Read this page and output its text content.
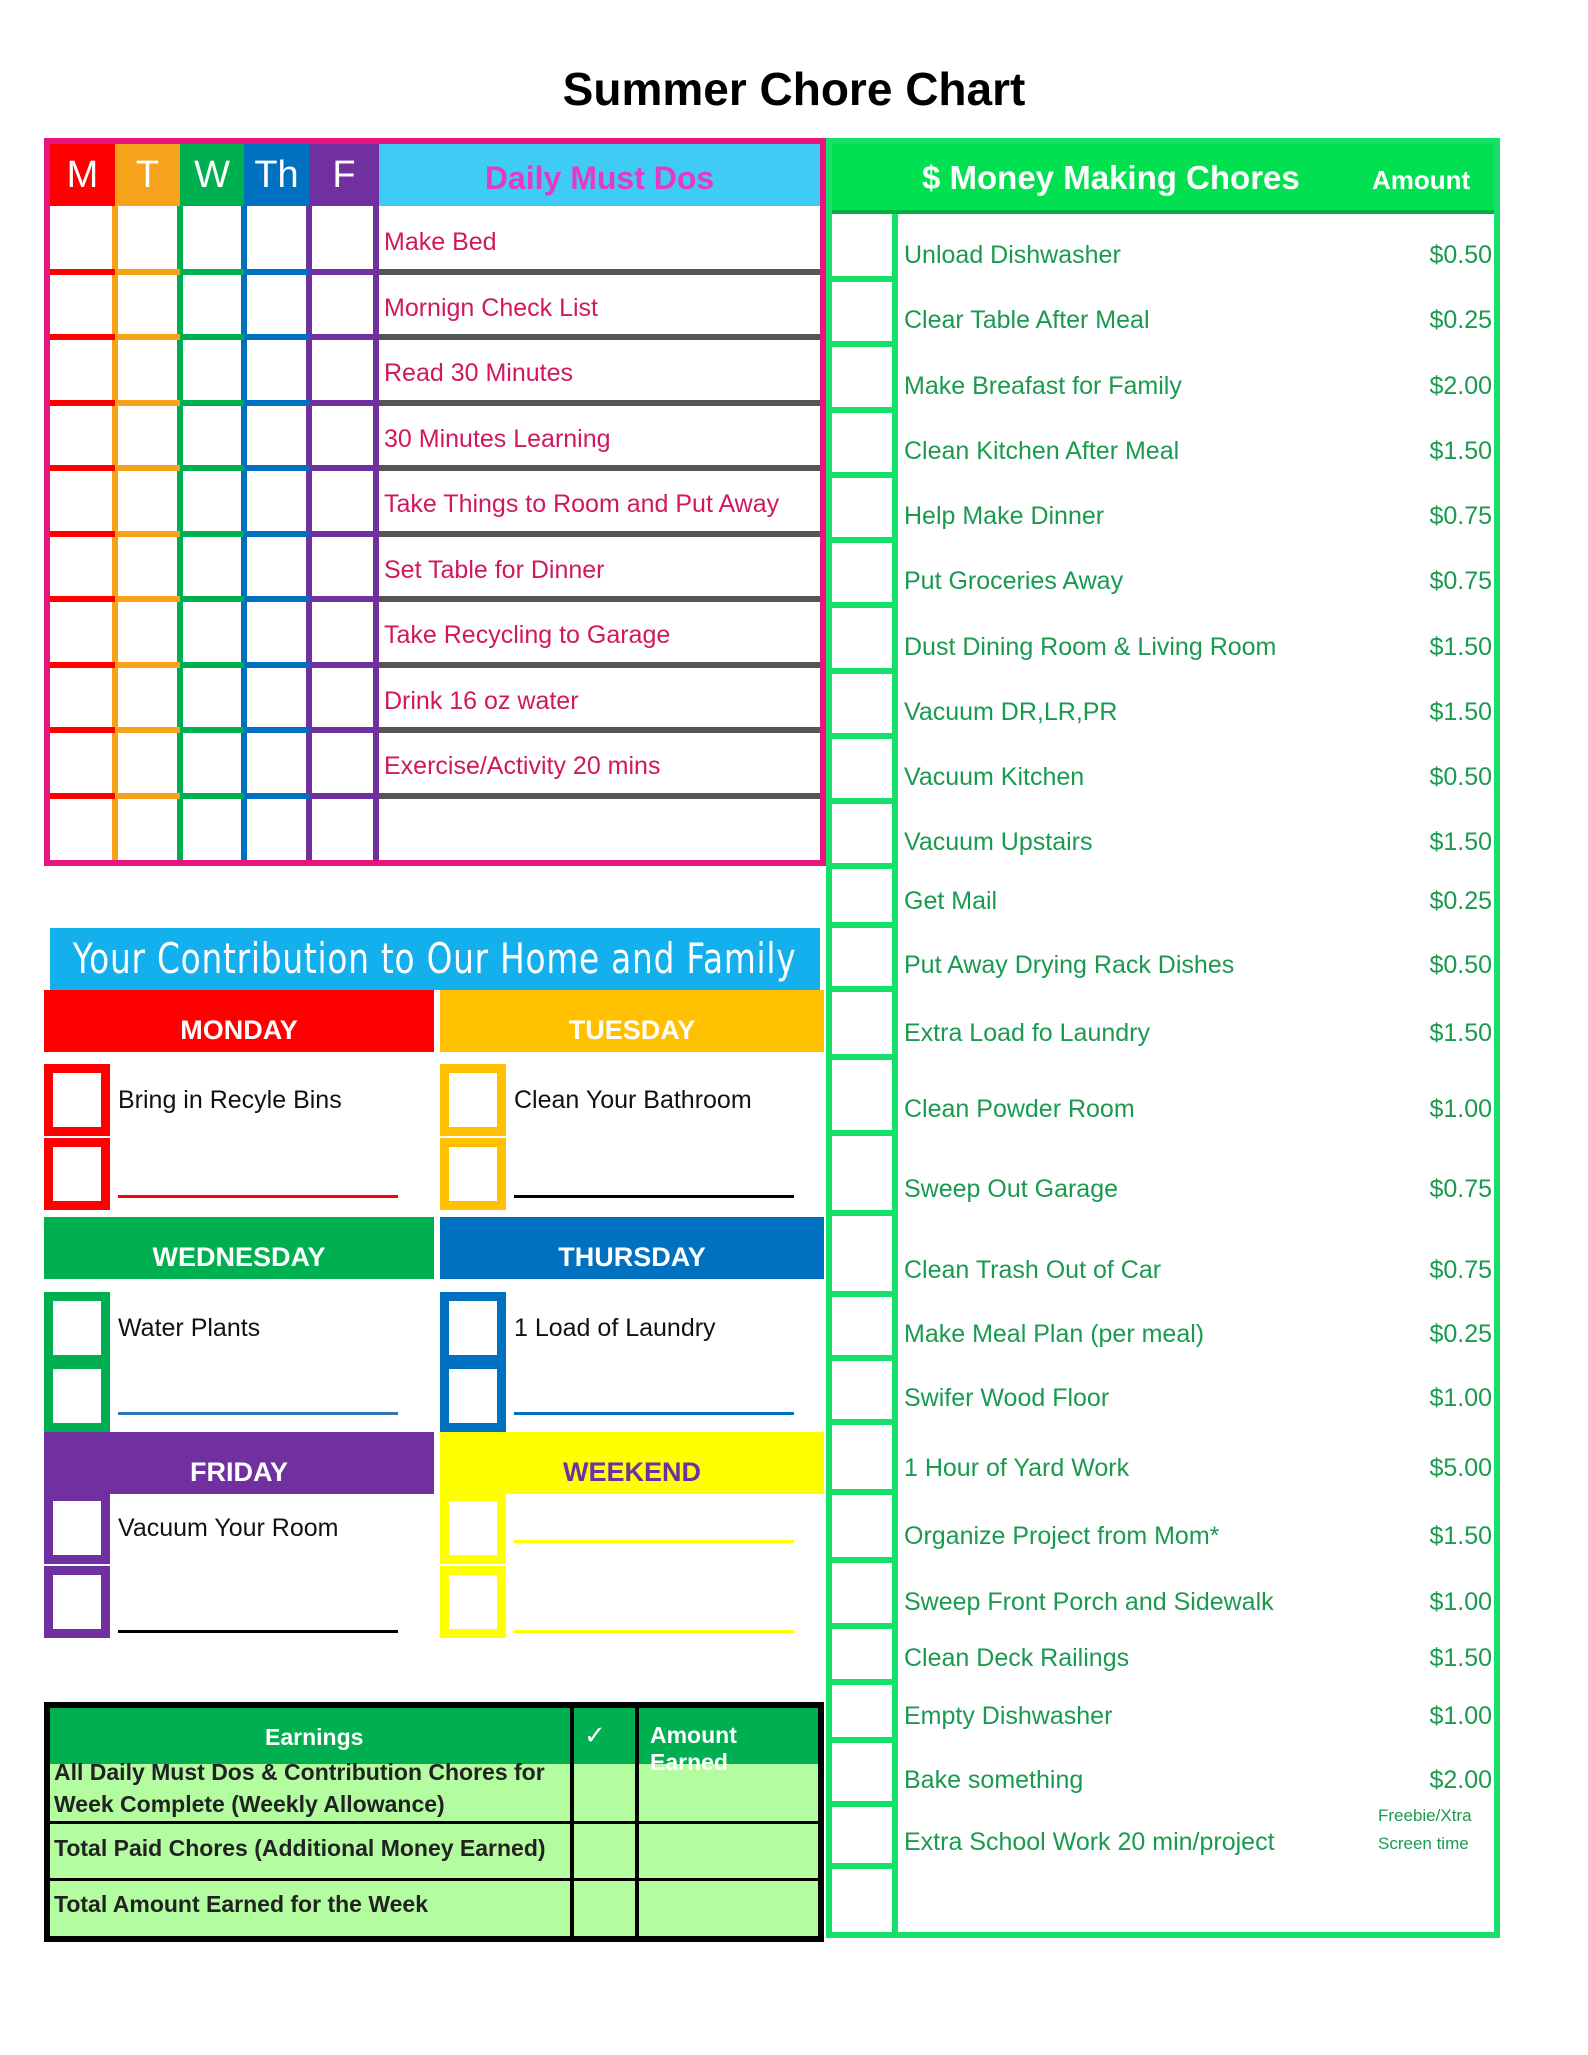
Summer Chore Chart
M T W Th F	Daily Must Dos
Make Bed
Mornign Check List
Read 30 Minutes
30 Minutes Learning
Take Things to Room and Put Away
Set Table for Dinner
Take Recycling to Garage
Drink 16 oz water
Exercise/Activity 20 mins
$ Money Making Chores	Amount
Unload Dishwasher	$0.50
Clear Table After Meal	$0.25
Make Breafast for Family	$2.00
Clean Kitchen After Meal	$1.50
Help Make Dinner	$0.75
Put Groceries Away	$0.75
Dust Dining Room & Living Room	$1.50
Vacuum DR,LR,PR	$1.50
Vacuum Kitchen	$0.50
Vacuum Upstairs	$1.50
Get Mail	$0.25
Put Away Drying Rack Dishes	$0.50
Extra Load fo Laundry	$1.50
Clean Powder Room	$1.00
Sweep Out Garage	$0.75
Clean Trash Out of Car	$0.75
Make Meal Plan (per meal)	$0.25
Swifer Wood Floor	$1.00
1 Hour of Yard Work	$5.00
Organize Project from Mom*	$1.50
Sweep Front Porch and Sidewalk	$1.00
Clean Deck Railings	$1.50
Empty Dishwasher	$1.00
Bake something	$2.00
Extra School Work 20 min/project
Freebie/Xtra
Screen time
Your Contribution to Our Home and Family
MONDAY
Bring in Recyle Bins
TUESDAY
Clean Your Bathroom
WEDNESDAY
Water Plants
THURSDAY
1 Load of Laundry
FRIDAY
Vacuum Your Room
WEEKEND
Earnings	✓ Amount Earned
All Daily Must Dos & Contribution Chores for Week Complete (Weekly Allowance)
Total Paid Chores (Additional Money Earned)
Total Amount Earned for the Week
